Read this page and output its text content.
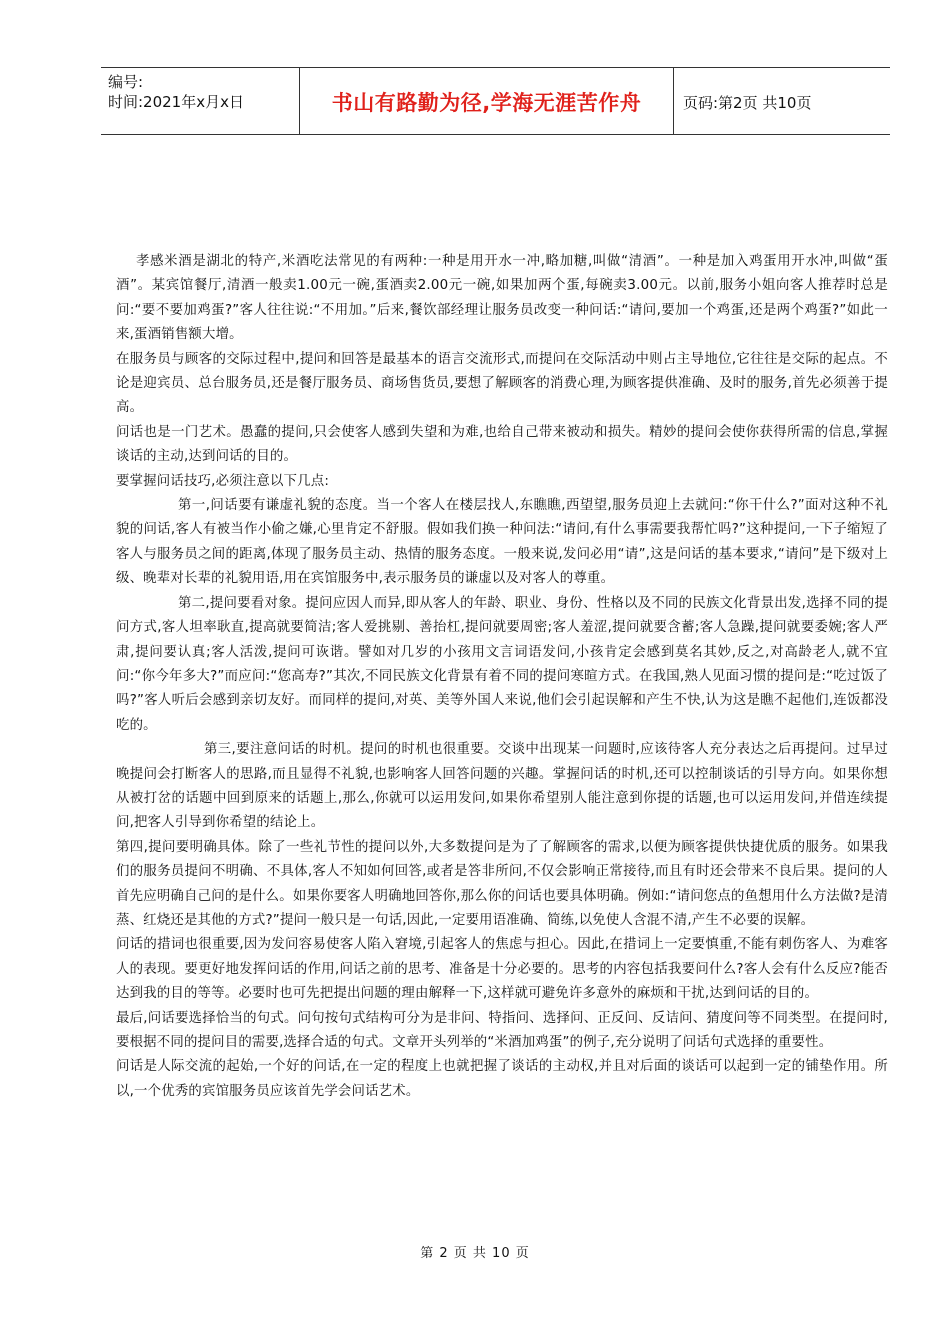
编号:
时间:2021年x月x日	书山有路勤为径,学海无涯苦作舟	页码:第2页 共10页

孝感米酒是湖北的特产,米酒吃法常见的有两种:一种是用开水一冲,略加糖,叫做“清酒”。一种是加入鸡蛋用开水冲,叫做“蛋酒”。某宾馆餐厅,清酒一般卖1.00元一碗,蛋酒卖2.00元一碗,如果加两个蛋,每碗卖3.00元。以前,服务小姐向客人推荐时总是问:“要不要加鸡蛋?”客人往往说:“不用加。”后来,餐饮部经理让服务员改变一种问话:“请问,要加一个鸡蛋,还是两个鸡蛋?”如此一来,蛋酒销售额大增。

在服务员与顾客的交际过程中,提问和回答是最基本的语言交流形式,而提问在交际活动中则占主导地位,它往往是交际的起点。不论是迎宾员、总台服务员,还是餐厅服务员、商场售货员,要想了解顾客的消费心理,为顾客提供准确、及时的服务,首先必须善于提高。

问话也是一门艺术。愚蠢的提问,只会使客人感到失望和为难,也给自己带来被动和损失。精妙的提问会使你获得所需的信息,掌握谈话的主动,达到问话的目的。

要掌握问话技巧,必须注意以下几点:

第一,问话要有谦虚礼貌的态度。当一个客人在楼层找人,东瞧瞧,西望望,服务员迎上去就问:“你干什么?”面对这种不礼貌的问话,客人有被当作小偷之嫌,心里肯定不舒服。假如我们换一种问法:“请问,有什么事需要我帮忙吗?”这种提问,一下子缩短了客人与服务员之间的距离,体现了服务员主动、热情的服务态度。一般来说,发问必用“请”,这是问话的基本要求,“请问”是下级对上级、晚辈对长辈的礼貌用语,用在宾馆服务中,表示服务员的谦虚以及对客人的尊重。

第二,提问要看对象。提问应因人而异,即从客人的年龄、职业、身份、性格以及不同的民族文化背景出发,选择不同的提问方式,客人坦率耿直,提高就要简洁;客人爱挑剔、善抬杠,提问就要周密;客人羞涩,提问就要含蓄;客人急躁,提问就要委婉;客人严肃,提问要认真;客人活泼,提问可诙谐。譬如对几岁的小孩用文言词语发问,小孩肯定会感到莫名其妙,反之,对高龄老人,就不宜问:“你今年多大?”而应问:“您高寿?”其次,不同民族文化背景有着不同的提问寒暄方式。在我国,熟人见面习惯的提问是:“吃过饭了吗?”客人听后会感到亲切友好。而同样的提问,对英、美等外国人来说,他们会引起误解和产生不快,认为这是瞧不起他们,连饭都没吃的。

第三,要注意问话的时机。提问的时机也很重要。交谈中出现某一问题时,应该待客人充分表达之后再提问。过早过晚提问会打断客人的思路,而且显得不礼貌,也影响客人回答问题的兴趣。掌握问话的时机,还可以控制谈话的引导方向。如果你想从被打岔的话题中回到原来的话题上,那么,你就可以运用发问,如果你希望别人能注意到你提的话题,也可以运用发问,并借连续提问,把客人引导到你希望的结论上。

第四,提问要明确具体。除了一些礼节性的提问以外,大多数提问是为了了解顾客的需求,以便为顾客提供快捷优质的服务。如果我们的服务员提问不明确、不具体,客人不知如何回答,或者是答非所问,不仅会影响正常接待,而且有时还会带来不良后果。提问的人首先应明确自己问的是什么。如果你要客人明确地回答你,那么你的问话也要具体明确。例如:“请问您点的鱼想用什么方法做?是清蒸、红烧还是其他的方式?”提问一般只是一句话,因此,一定要用语准确、简练,以免使人含混不清,产生不必要的误解。

问话的措词也很重要,因为发问容易使客人陷入窘境,引起客人的焦虑与担心。因此,在措词上一定要慎重,不能有刺伤客人、为难客人的表现。要更好地发挥问话的作用,问话之前的思考、准备是十分必要的。思考的内容包括我要问什么?客人会有什么反应?能否达到我的目的等等。必要时也可先把提出问题的理由解释一下,这样就可避免许多意外的麻烦和干扰,达到问话的目的。

最后,问话要选择恰当的句式。问句按句式结构可分为是非问、特指问、选择问、正反问、反诘问、猜度问等不同类型。在提问时,要根据不同的提问目的需要,选择合适的句式。文章开头列举的“米酒加鸡蛋”的例子,充分说明了问话句式选择的重要性。

问话是人际交流的起始,一个好的问话,在一定的程度上也就把握了谈话的主动权,并且对后面的谈话可以起到一定的铺垫作用。所以,一个优秀的宾馆服务员应该首先学会问话艺术。

第 2 页 共 10 页
